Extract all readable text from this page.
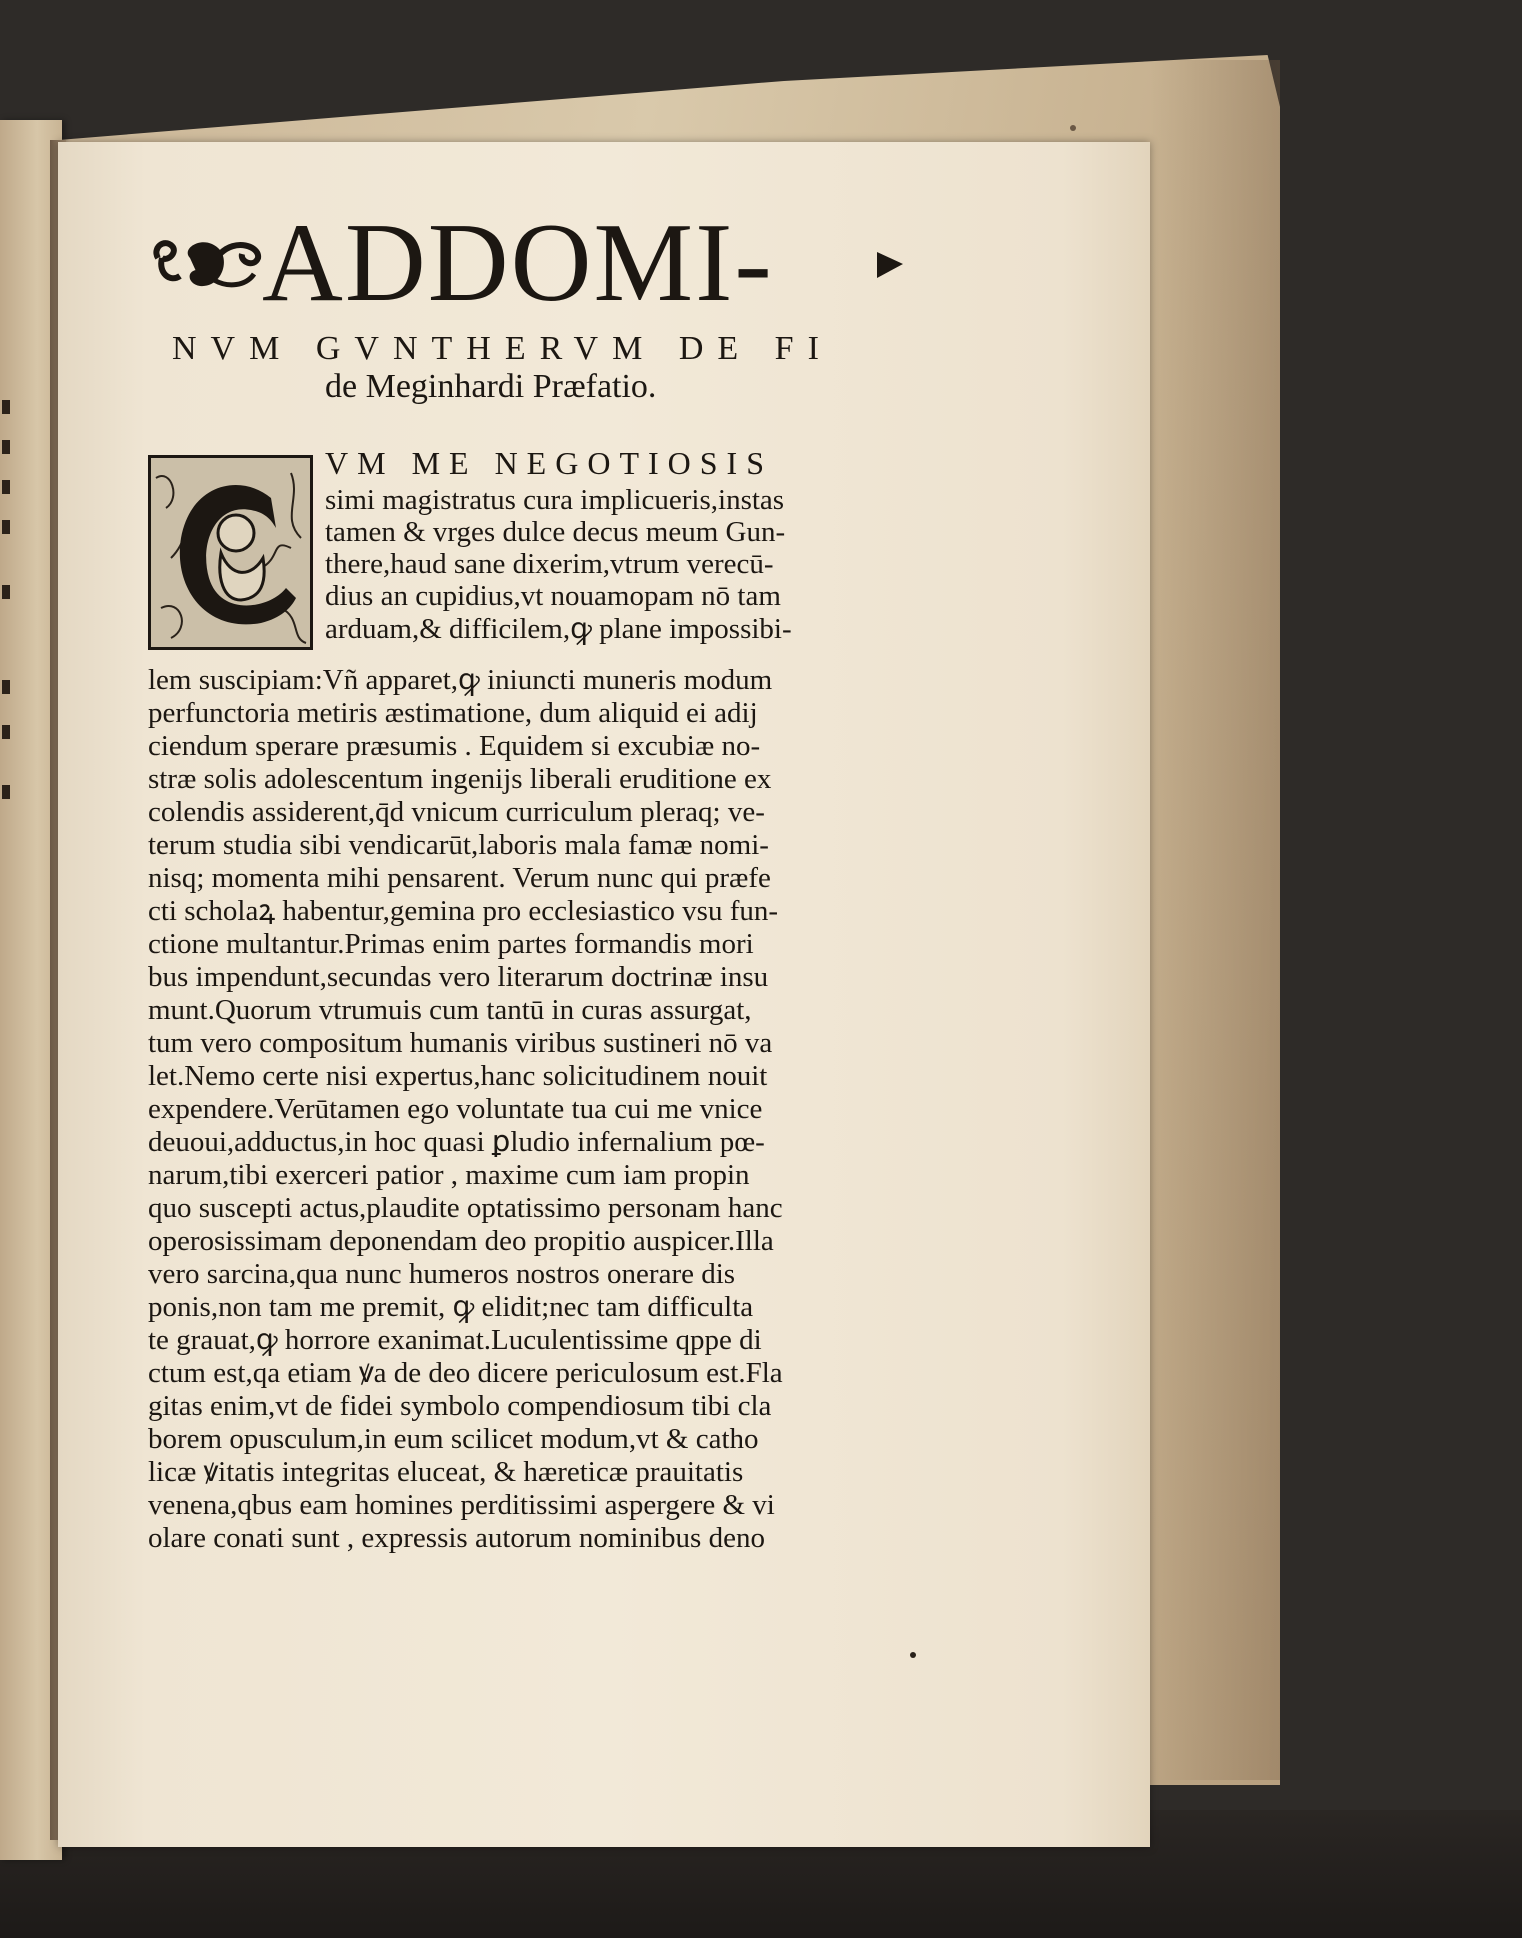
ADDOMI-
NVM GVNTHERVM DE FI
de Meginhardi Præfatio.
VM ME NEGOTIOSIS
simi magistratus cura implicueris,instas
tamen & vrges dulce decus meum Gun-
there,haud sane dixerim,vtrum verecū-
dius an cupidius,vt nouamopam nō tam
arduam,& difficilem,ꝙ plane impossibi-
lem suscipiam:Vñ apparet,ꝙ iniuncti muneris modum
perfunctoria metiris æstimatione, dum aliquid ei adij
ciendum sperare præsumis . Equidem si excubiæ no-
stræ solis adolescentum ingenijs liberali eruditione ex
colendis assiderent,q̄d vnicum curriculum pleraq; ve-
terum studia sibi vendicarūt,laboris mala famæ nomi-
nisq; momenta mihi pensarent. Verum nunc qui præfe
cti scholaꝝ habentur,gemina pro ecclesiastico vsu fun-
ctione multantur.Primas enim partes formandis mori
bus impendunt,secundas vero literarum doctrinæ insu
munt.Quorum vtrumuis cum tantū in curas assurgat,
tum vero compositum humanis viribus sustineri nō va
let.Nemo certe nisi expertus,hanc solicitudinem nouit
expendere.Verūtamen ego voluntate tua cui me vnice
deuoui,adductus,in hoc quasi ꝑludio infernalium pœ-
narum,tibi exerceri patior , maxime cum iam propin
quo suscepti actus,plaudite optatissimo personam hanc
operosissimam deponendam deo propitio auspicer.Illa
vero sarcina,qua nunc humeros nostros onerare dis
ponis,non tam me premit, ꝙ elidit;nec tam difficulta
te grauat,ꝙ horrore exanimat.Luculentissime qppe di
ctum est,qa etiam ꝟa de deo dicere periculosum est.Fla
gitas enim,vt de fidei symbolo compendiosum tibi cla
borem opusculum,in eum scilicet modum,vt & catho
licæ ꝟitatis integritas eluceat, & hæreticæ prauitatis
venena,qbus eam homines perditissimi aspergere & vi
olare conati sunt , expressis autorum nominibus deno
